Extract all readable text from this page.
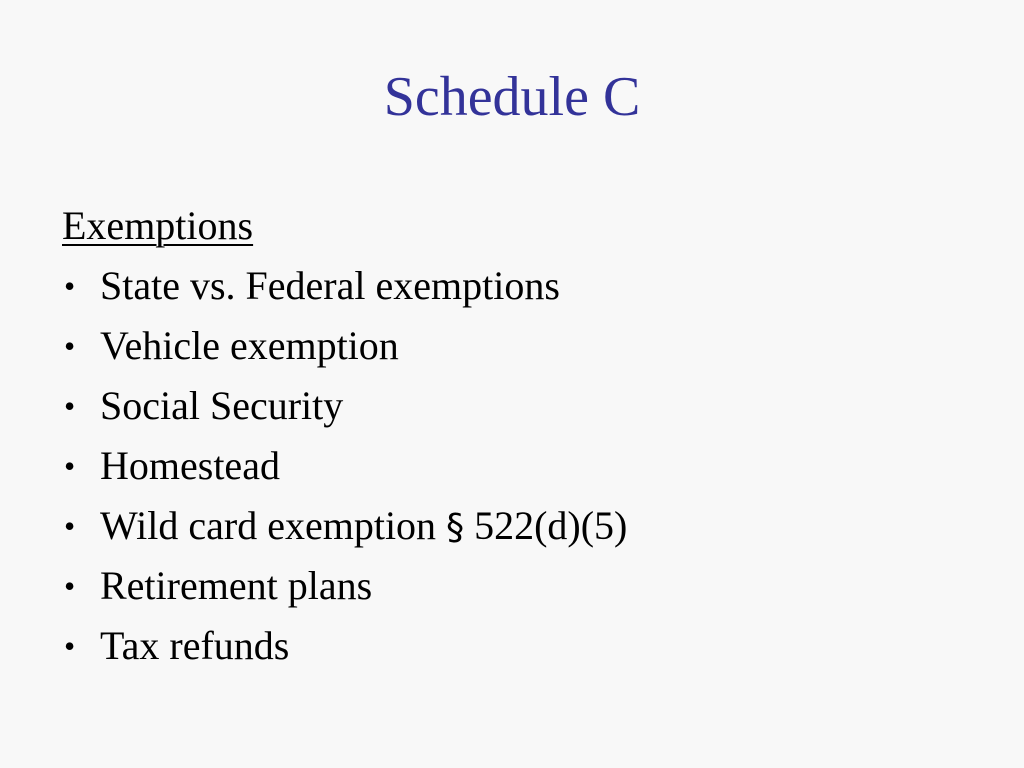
Schedule C
Exemptions
• State vs. Federal exemptions
• Vehicle exemption
• Social Security
• Homestead
• Wild card exemption § 522(d)(5)
• Retirement plans
• Tax refunds
